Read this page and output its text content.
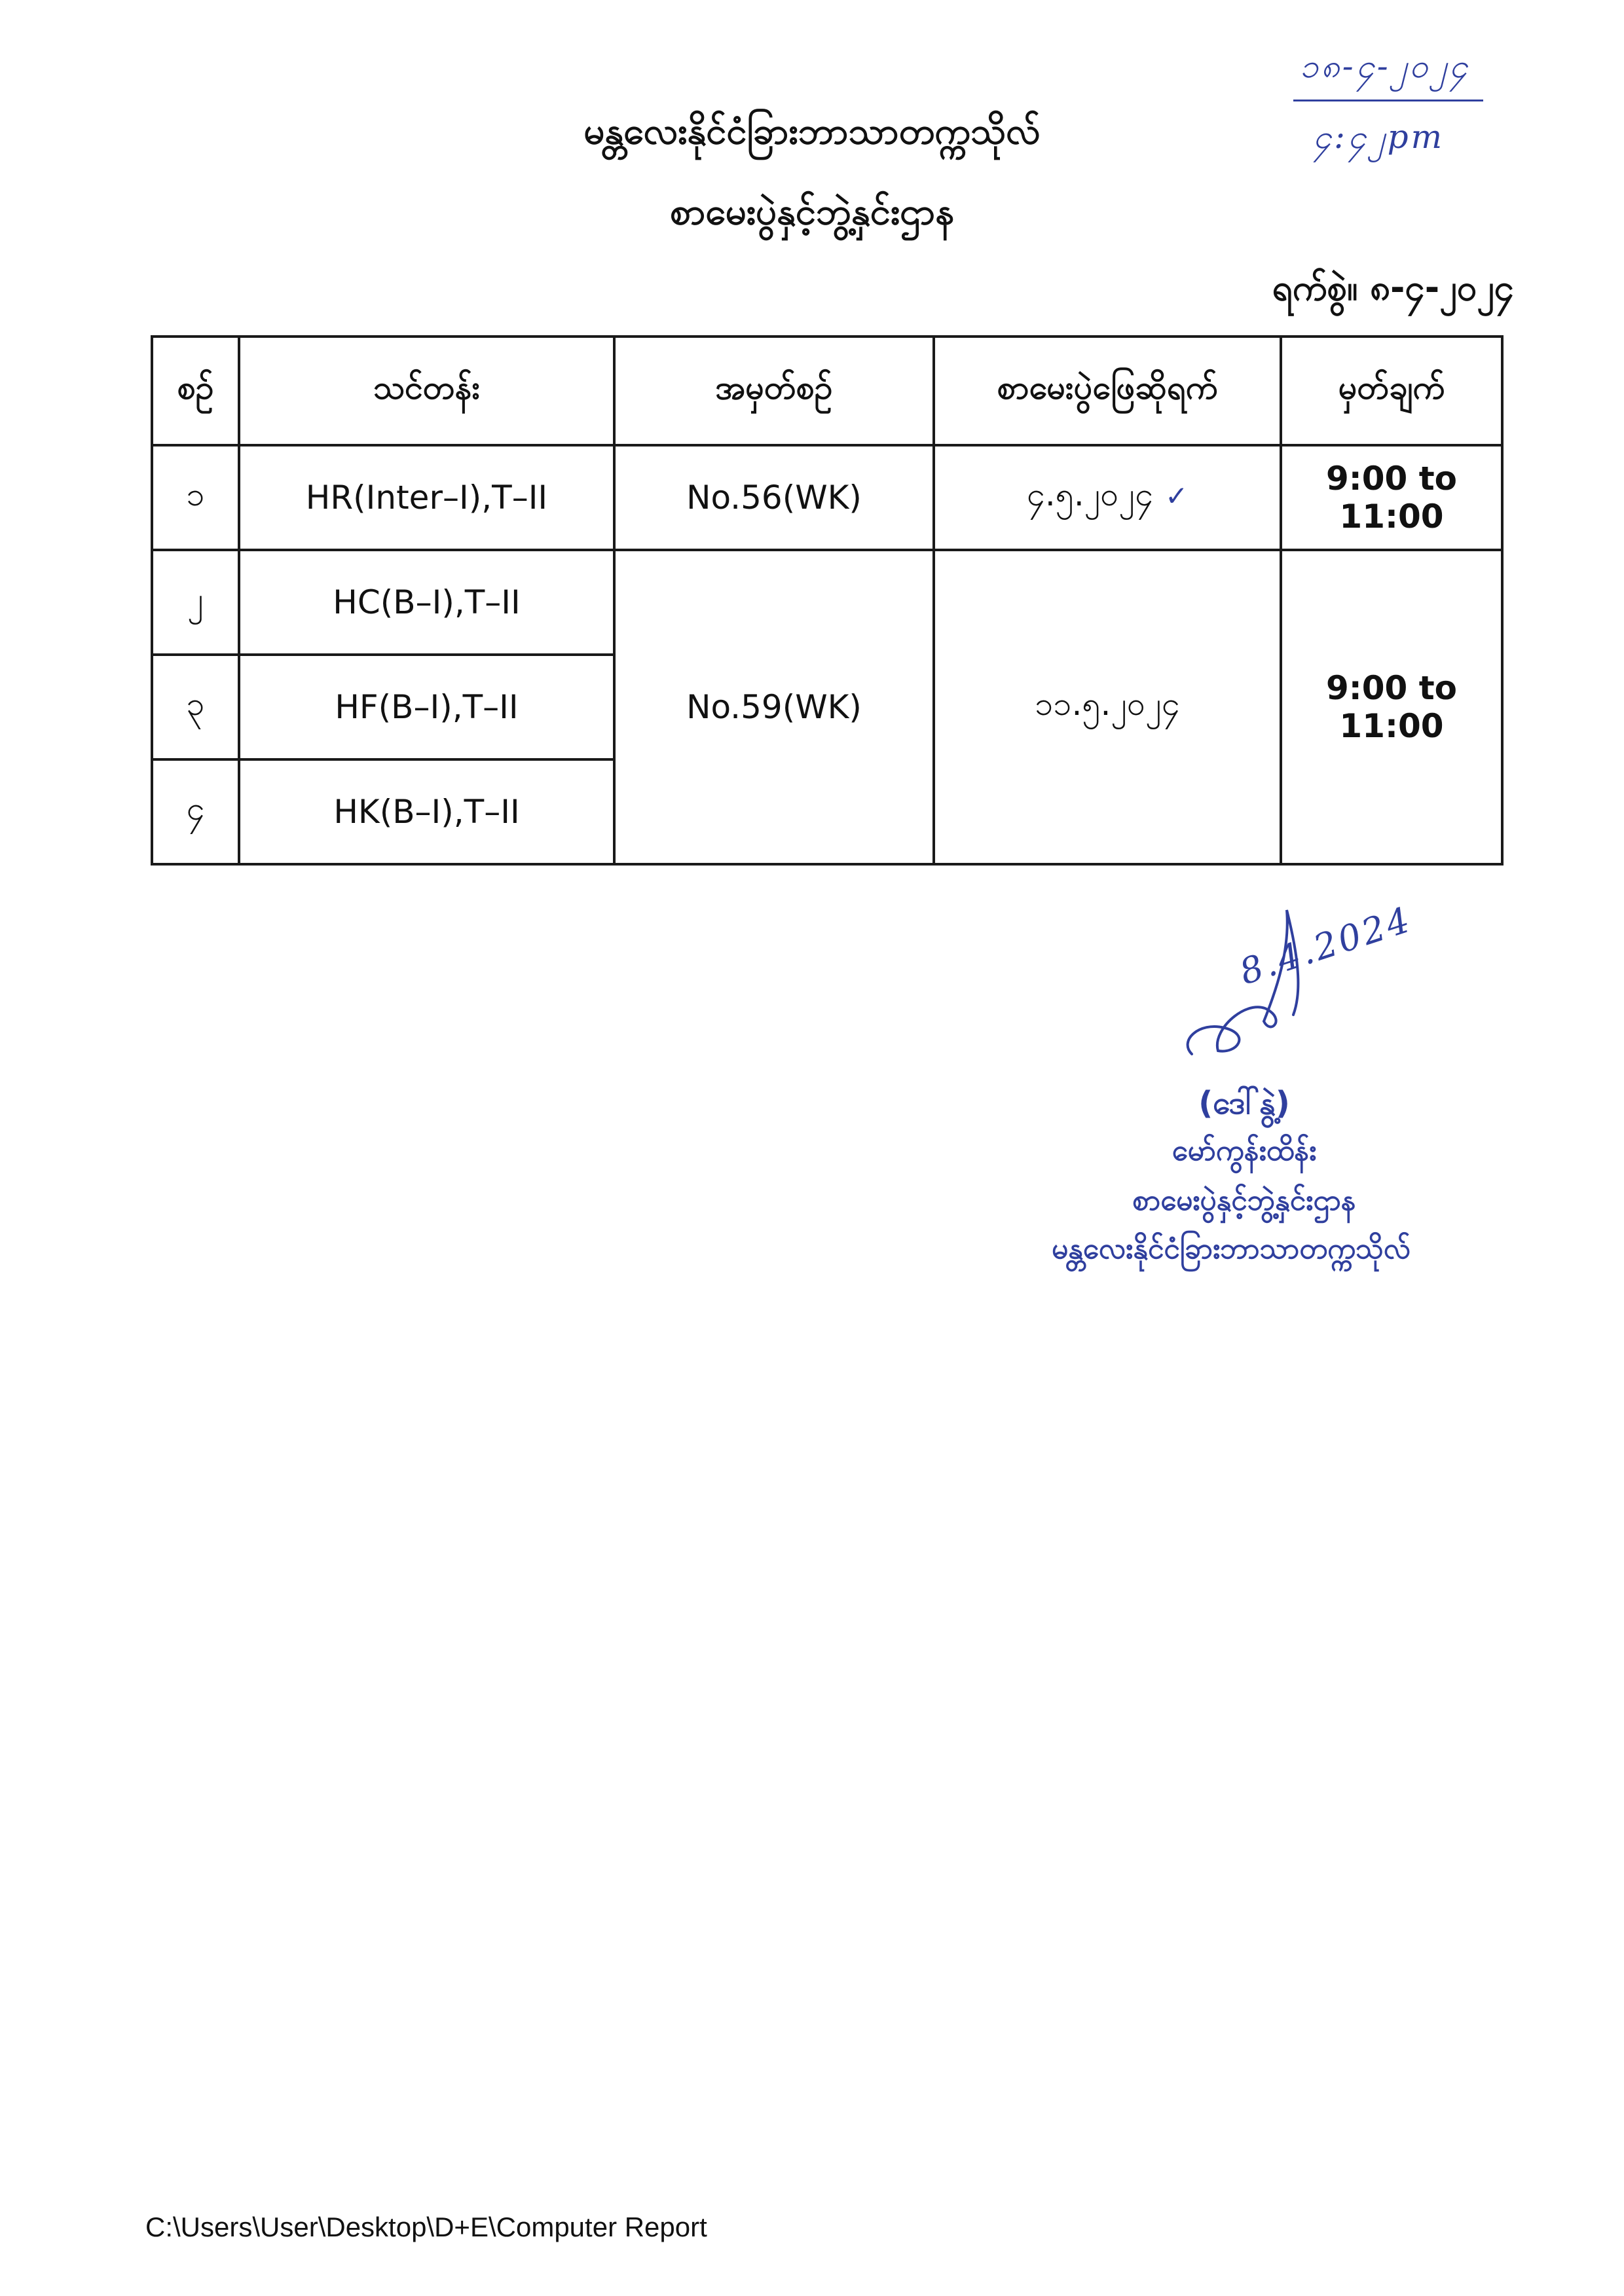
၁၈-၄-၂၀၂၄
၄:၄၂pm
မန္တလေးနိုင်ငံခြားဘာသာတက္ကသိုလ်
စာမေးပွဲနှင့်ဘွဲ့နှင်းဌာန
ရက်စွဲ။ ၈-၄-၂၀၂၄
စဉ်	သင်တန်း	အမှတ်စဉ်	စာမေးပွဲဖြေဆိုရက်	မှတ်ချက်
၁	HR(Inter–I),T–II	No.56(WK)	၄.၅.၂၀၂၄ ✓	9:00 to 11:00
၂	HC(B–I),T–II	No.59(WK)	၁၁.၅.၂၀၂၄	9:00 to 11:00
၃	HF(B–I),T–II			
၄	HK(B–I),T–II			
8.4.2024
(ဒေါ်နွဲ့)
မော်ကွန်းထိန်း
စာမေးပွဲနှင့်ဘွဲ့နှင်းဌာန
မန္တလေးနိုင်ငံခြားဘာသာတက္ကသိုလ်
C:\Users\User\Desktop\D+E\Computer Report
